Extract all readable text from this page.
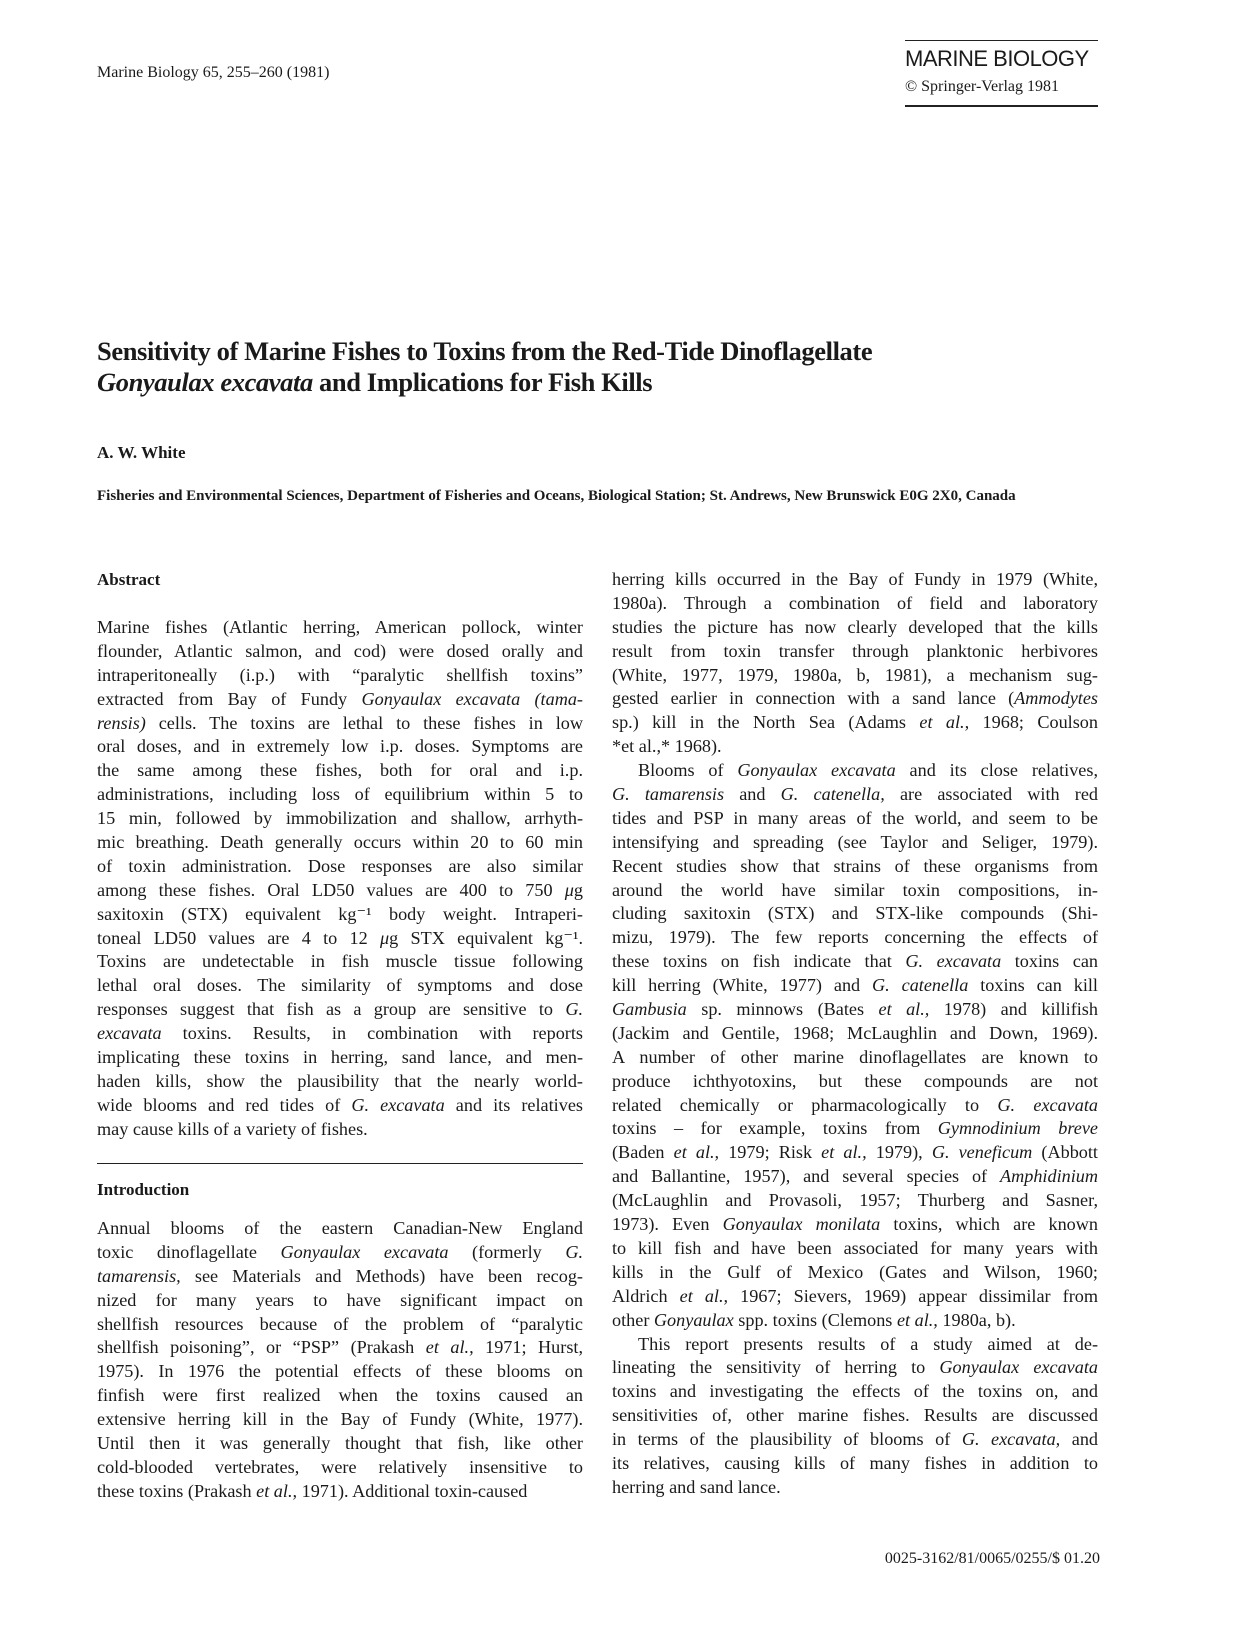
Marine Biology 65, 255–260 (1981)
MARINE BIOLOGY
© Springer-Verlag 1981
Sensitivity of Marine Fishes to Toxins from the Red-Tide Dinoflagellate
Gonyaulax excavata and Implications for Fish Kills
A. W. White
Fisheries and Environmental Sciences, Department of Fisheries and Oceans, Biological Station; St. Andrews, New Brunswick E0G 2X0, Canada
Abstract
Marine fishes (Atlantic herring, American pollock, winter
flounder, Atlantic salmon, and cod) were dosed orally and
intraperitoneally (i.p.) with “paralytic shellfish toxins”
extracted from Bay of Fundy Gonyaulax excavata (tama-
rensis) cells. The toxins are lethal to these fishes in low
oral doses, and in extremely low i.p. doses. Symptoms are
the same among these fishes, both for oral and i.p.
administrations, including loss of equilibrium within 5 to
15 min, followed by immobilization and shallow, arrhyth-
mic breathing. Death generally occurs within 20 to 60 min
of toxin administration. Dose responses are also similar
among these fishes. Oral LD50 values are 400 to 750 μg
saxitoxin (STX) equivalent kg⁻¹ body weight. Intraperi-
toneal LD50 values are 4 to 12 μg STX equivalent kg⁻¹.
Toxins are undetectable in fish muscle tissue following
lethal oral doses. The similarity of symptoms and dose
responses suggest that fish as a group are sensitive to G.
excavata toxins. Results, in combination with reports
implicating these toxins in herring, sand lance, and men-
haden kills, show the plausibility that the nearly world-
wide blooms and red tides of G. excavata and its relatives
may cause kills of a variety of fishes.
Introduction
Annual blooms of the eastern Canadian-New England
toxic dinoflagellate Gonyaulax excavata (formerly G.
tamarensis, see Materials and Methods) have been recog-
nized for many years to have significant impact on
shellfish resources because of the problem of “paralytic
shellfish poisoning”, or “PSP” (Prakash et al., 1971; Hurst,
1975). In 1976 the potential effects of these blooms on
finfish were first realized when the toxins caused an
extensive herring kill in the Bay of Fundy (White, 1977).
Until then it was generally thought that fish, like other
cold-blooded vertebrates, were relatively insensitive to
these toxins (Prakash et al., 1971). Additional toxin-caused
herring kills occurred in the Bay of Fundy in 1979 (White,
1980a). Through a combination of field and laboratory
studies the picture has now clearly developed that the kills
result from toxin transfer through planktonic herbivores
(White, 1977, 1979, 1980a, b, 1981), a mechanism sug-
gested earlier in connection with a sand lance (Ammodytes
sp.) kill in the North Sea (Adams et al., 1968; Coulson
*et al.,* 1968).
Blooms of Gonyaulax excavata and its close relatives,
G. tamarensis and G. catenella, are associated with red
tides and PSP in many areas of the world, and seem to be
intensifying and spreading (see Taylor and Seliger, 1979).
Recent studies show that strains of these organisms from
around the world have similar toxin compositions, in-
cluding saxitoxin (STX) and STX-like compounds (Shi-
mizu, 1979). The few reports concerning the effects of
these toxins on fish indicate that G. excavata toxins can
kill herring (White, 1977) and G. catenella toxins can kill
Gambusia sp. minnows (Bates et al., 1978) and killifish
(Jackim and Gentile, 1968; McLaughlin and Down, 1969).
A number of other marine dinoflagellates are known to
produce ichthyotoxins, but these compounds are not
related chemically or pharmacologically to G. excavata
toxins – for example, toxins from Gymnodinium breve
(Baden et al., 1979; Risk et al., 1979), G. veneficum (Abbott
and Ballantine, 1957), and several species of Amphidinium
(McLaughlin and Provasoli, 1957; Thurberg and Sasner,
1973). Even Gonyaulax monilata toxins, which are known
to kill fish and have been associated for many years with
kills in the Gulf of Mexico (Gates and Wilson, 1960;
Aldrich et al., 1967; Sievers, 1969) appear dissimilar from
other Gonyaulax spp. toxins (Clemons et al., 1980a, b).
This report presents results of a study aimed at de-
lineating the sensitivity of herring to Gonyaulax excavata
toxins and investigating the effects of the toxins on, and
sensitivities of, other marine fishes. Results are discussed
in terms of the plausibility of blooms of G. excavata, and
its relatives, causing kills of many fishes in addition to
herring and sand lance.
0025-3162/81/0065/0255/$ 01.20
